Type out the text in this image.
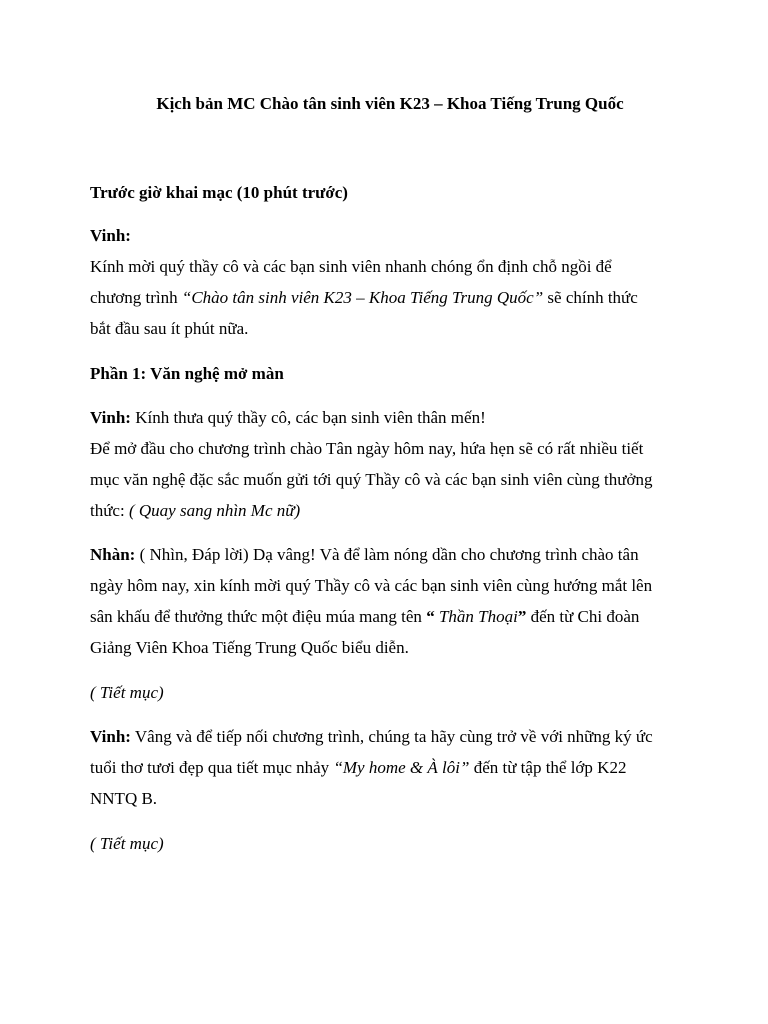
Kịch bản MC Chào tân sinh viên K23 – Khoa Tiếng Trung Quốc
Trước giờ khai mạc (10 phút trước)
Vinh:
Kính mời quý thầy cô và các bạn sinh viên nhanh chóng ổn định chỗ ngồi để
chương trình “Chào tân sinh viên K23 – Khoa Tiếng Trung Quốc” sẽ chính thức
bắt đầu sau ít phút nữa.
Phần 1: Văn nghệ mở màn
Vinh: Kính thưa quý thầy cô, các bạn sinh viên thân mến!
Để mở đầu cho chương trình chào Tân ngày hôm nay, hứa hẹn sẽ có rất nhiều tiết
mục văn nghệ đặc sắc muốn gửi tới quý Thầy cô và các bạn sinh viên cùng thưởng
thức: ( Quay sang nhìn Mc nữ)
Nhàn: ( Nhìn, Đáp lời) Dạ vâng! Và để làm nóng dần cho chương trình chào tân
ngày hôm nay, xin kính mời quý Thầy cô và các bạn sinh viên cùng hướng mắt lên
sân khấu để thưởng thức một điệu múa mang tên “ Thần Thoại” đến từ Chi đoàn
Giảng Viên Khoa Tiếng Trung Quốc biểu diễn.
( Tiết mục)
Vinh: Vâng và để tiếp nối chương trình, chúng ta hãy cùng trở về với những ký ức
tuổi thơ tươi đẹp qua tiết mục nhảy “My home & À lôi” đến từ tập thể lớp K22
NNTQ B.
( Tiết mục)
